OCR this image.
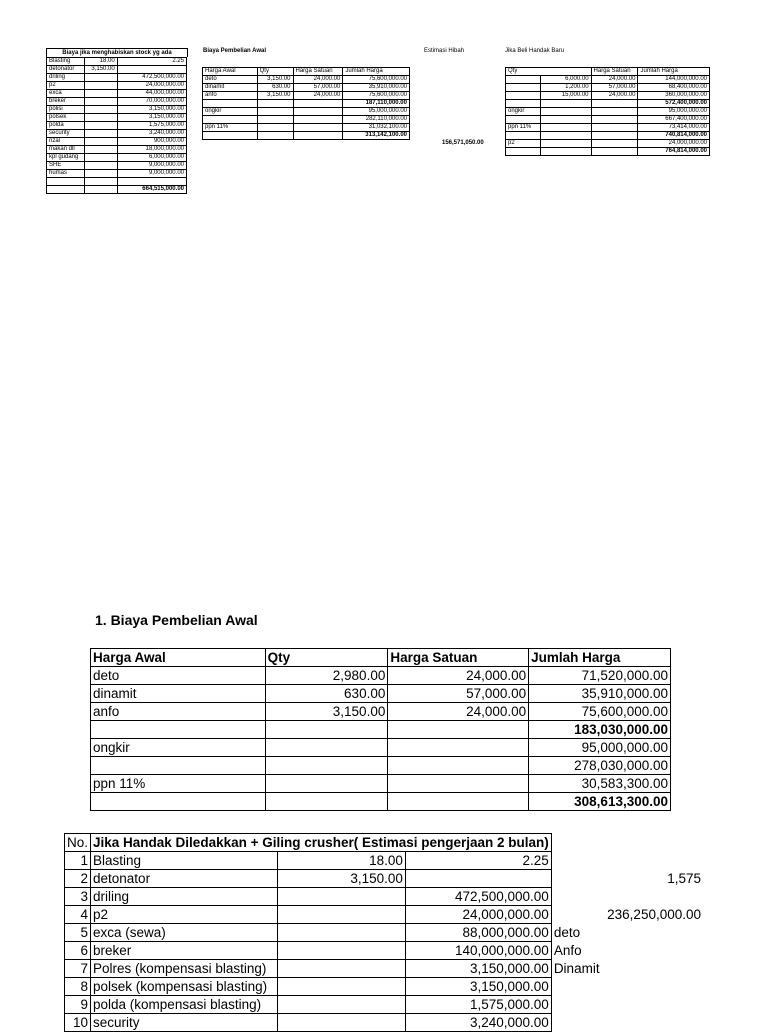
Biaya jika menghabiskan stock yg ada
Blasting	18.00	2.25
detonator	3,150.00	
driling		472,500,000.00
p2		24,000,000.00
exca		44,000,000.00
breker		70,000,000.00
polisi		3,150,000.00
polsek		3,150,000.00
polda		1,575,000.00
security		3,240,000.00
rizal		900,000.00
makan dll		18,000,000.00
kpl gudang		6,000,000.00
SHE		9,000,000.00
humas		9,000,000.00

		664,515,000.00
Biaya Pembelian Awal
Harga Awal	Qty	Harga Satuan	Jumlah Harga
deto	3,150.00	24,000.00	75,600,000.00
dinamit	630.00	57,000.00	35,910,000.00
anfo	3,150.00	24,000.00	75,600,000.00
			187,110,000.00
ongkir			95,000,000.00
			282,110,000.00
ppn 11%			31,032,100.00
			313,142,100.00
Estimasi Hibah
156,571,050.00
Jika Beli Handak Baru
Qty		Harga Satuan	Jumlah Harga
	6,000.00	24,000.00	144,000,000.00
	1,200.00	57,000.00	68,400,000.00
	15,000.00	24,000.00	360,000,000.00
			572,400,000.00
ongkir			95,000,000.00
			667,400,000.00
ppn 11%			73,414,000.00
			740,814,000.00
p2			24,000,000.00
			764,814,000.00
1. Biaya Pembelian Awal
Harga Awal	Qty	Harga Satuan	Jumlah Harga
deto	2,980.00	24,000.00	71,520,000.00
dinamit	630.00	57,000.00	35,910,000.00
anfo	3,150.00	24,000.00	75,600,000.00
			183,030,000.00
ongkir			95,000,000.00
			278,030,000.00
ppn 11%			30,583,300.00
			308,613,300.00
No.	Jika Handak Diledakkan + Giling crusher( Estimasi pengerjaan 2 bulan)			
1	Blasting	18.00	2.25	
2	detonator	3,150.00		1,575
3	driling		472,500,000.00	
4	p2		24,000,000.00	236,250,000.00
5	exca (sewa)		88,000,000.00	deto
6	breker		140,000,000.00	Anfo
7	Polres (kompensasi blasting)		3,150,000.00	Dinamit
8	polsek (kompensasi blasting)		3,150,000.00	
9	polda (kompensasi blasting)		1,575,000.00	
10	security		3,240,000.00	
